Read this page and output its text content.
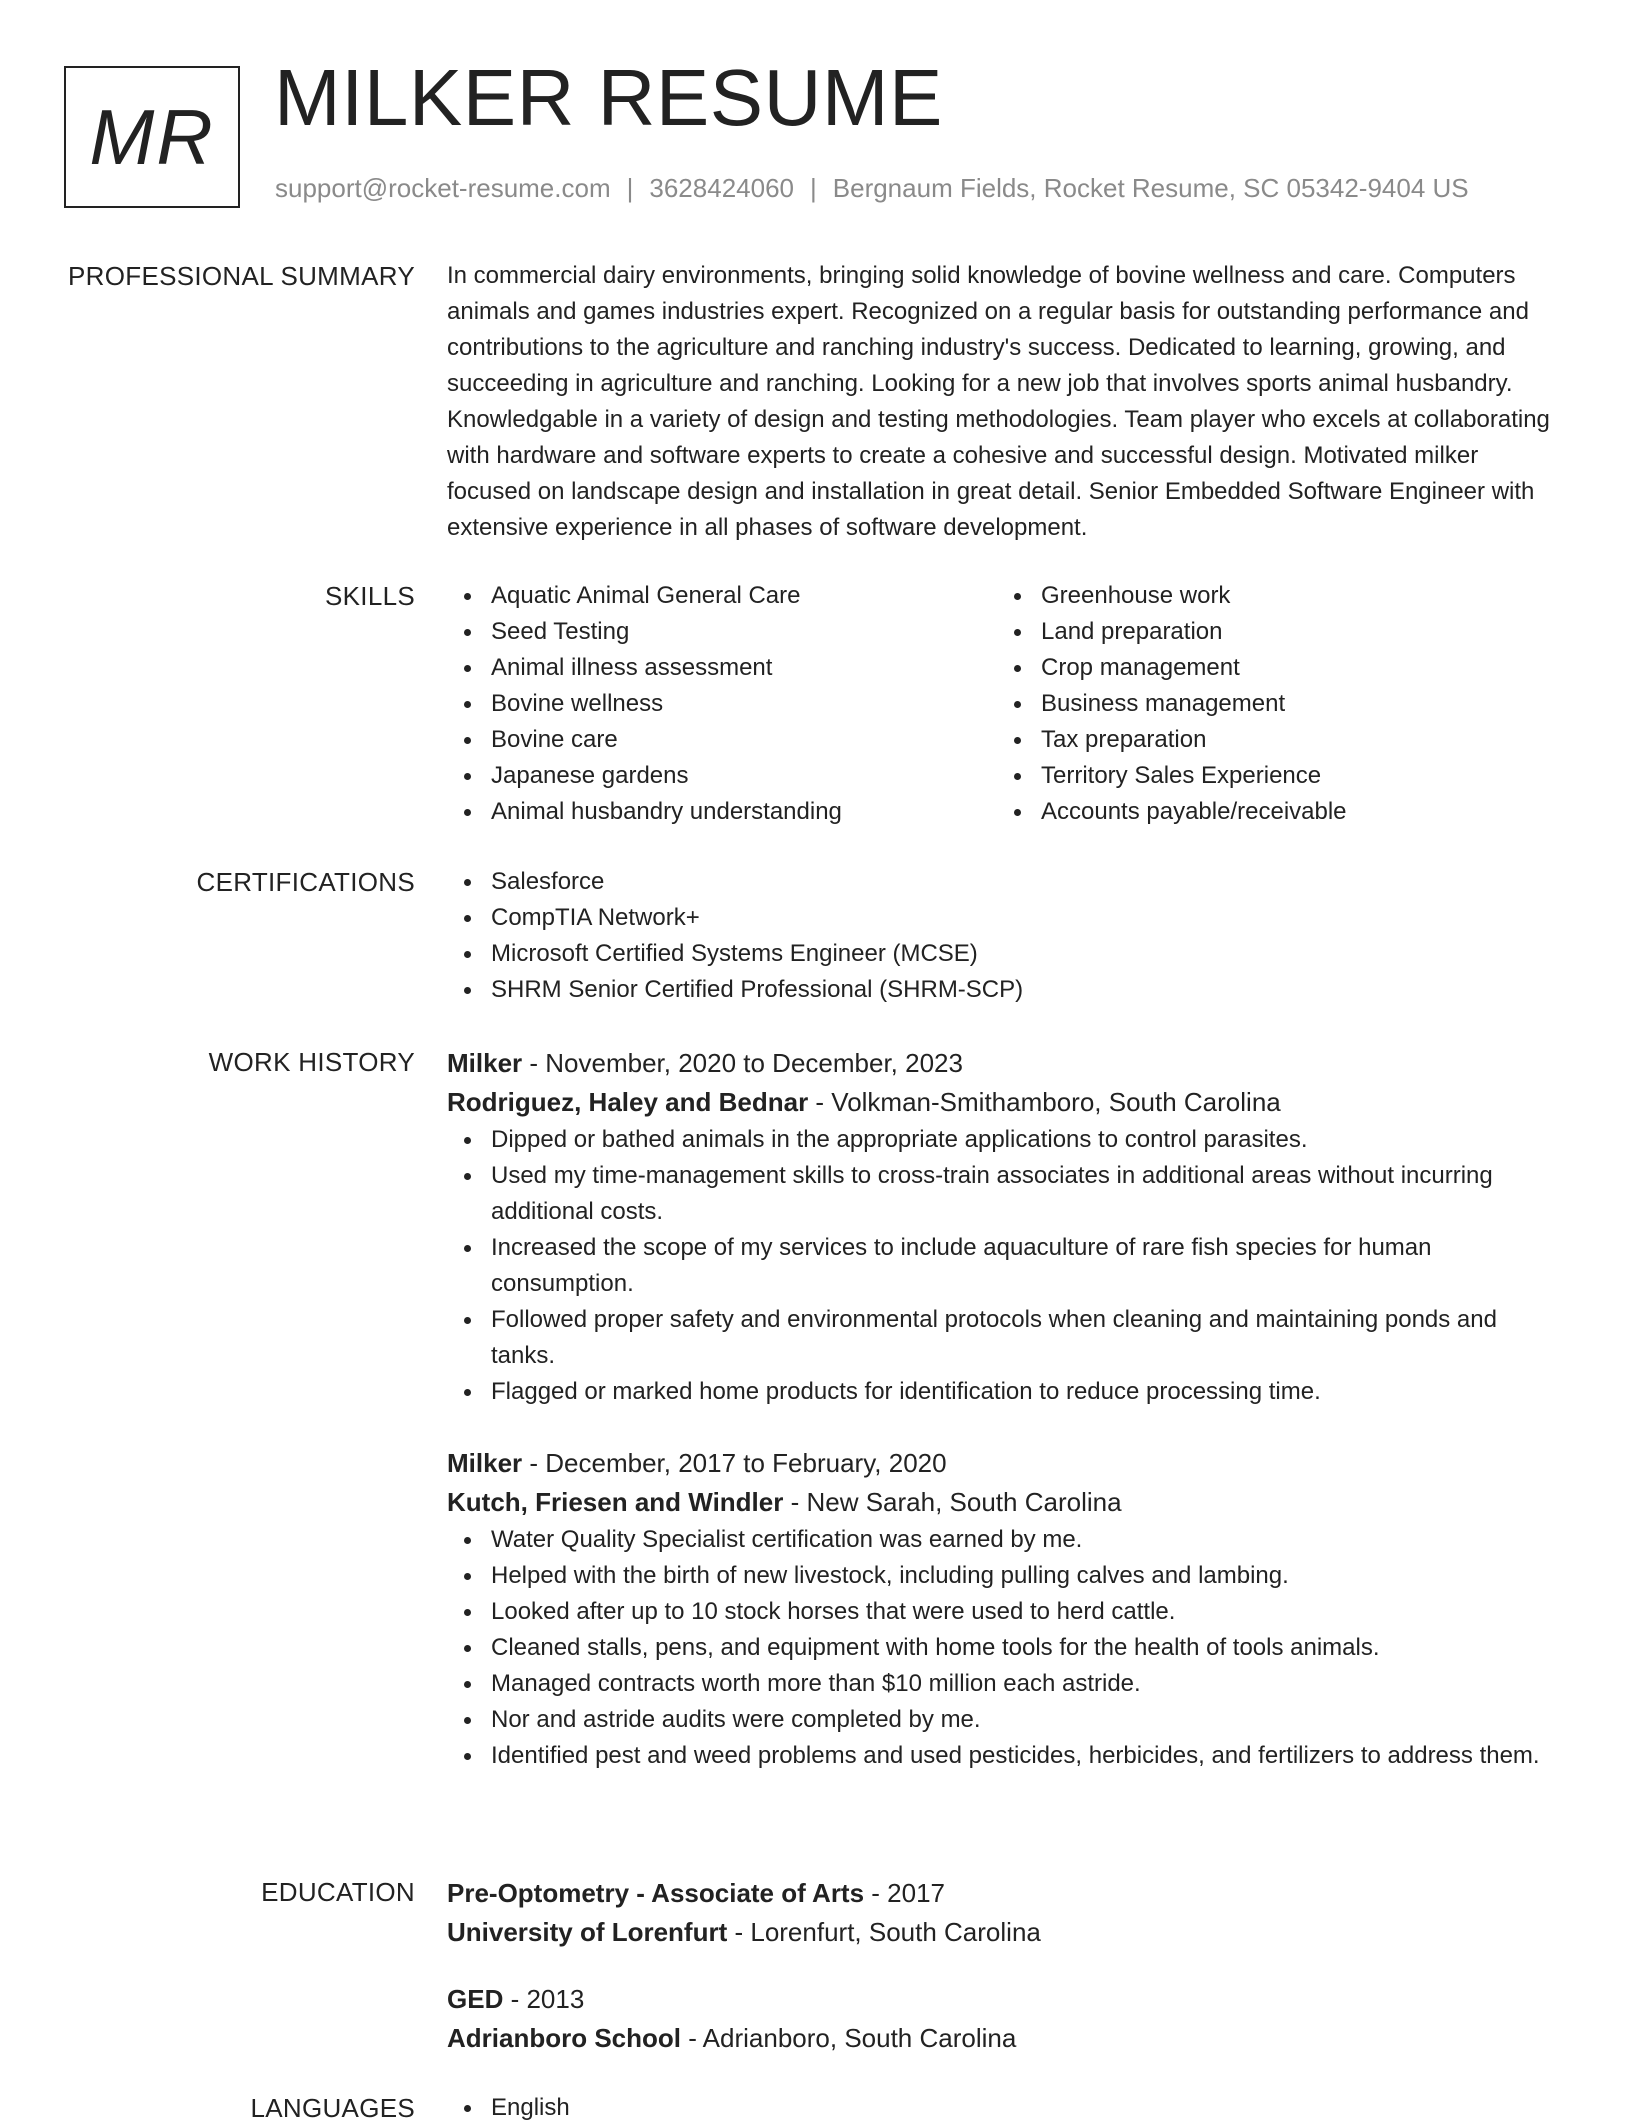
MR MILKER RESUME
support@rocket-resume.com | 3628424060 | Bergnaum Fields, Rocket Resume, SC 05342-9404 US
PROFESSIONAL SUMMARY In commercial dairy environments, bringing solid knowledge of bovine wellness and care. Computers animals and games industries expert. Recognized on a regular basis for outstanding performance and contributions to the agriculture and ranching industry's success. Dedicated to learning, growing, and succeeding in agriculture and ranching. Looking for a new job that involves sports animal husbandry. Knowledgable in a variety of design and testing methodologies. Team player who excels at collaborating with hardware and software experts to create a cohesive and successful design. Motivated milker focused on landscape design and installation in great detail. Senior Embedded Software Engineer with extensive experience in all phases of software development.

SKILLS	Aquatic Animal General Care
Seed Testing
Animal illness assessment
Bovine wellness
Bovine care
Japanese gardens
Animal husbandry understanding
Greenhouse work
Land preparation
Crop management
Business management
Tax preparation
Territory Sales Experience
Accounts payable/receivable
CERTIFICATIONS	Salesforce
CompTIA Network+
Microsoft Certified Systems Engineer (MCSE)
SHRM Senior Certified Professional (SHRM-SCP)
WORK HISTORY Milker - November, 2020 to December, 2023
Rodriguez, Haley and Bednar - Volkman-Smithamboro, South Carolina
Dipped or bathed animals in the appropriate applications to control parasites.
Used my time-management skills to cross-train associates in additional areas without incurring additional costs.
Increased the scope of my services to include aquaculture of rare fish species for human consumption.
Followed proper safety and environmental protocols when cleaning and maintaining ponds and tanks.
Flagged or marked home products for identification to reduce processing time.
Milker - December, 2017 to February, 2020
Kutch, Friesen and Windler - New Sarah, South Carolina
Water Quality Specialist certification was earned by me.
Helped with the birth of new livestock, including pulling calves and lambing.
Looked after up to 10 stock horses that were used to herd cattle.
Cleaned stalls, pens, and equipment with home tools for the health of tools animals.
Managed contracts worth more than $10 million each astride.
Nor and astride audits were completed by me.
Identified pest and weed problems and used pesticides, herbicides, and fertilizers to address them.
EDUCATION Pre-Optometry - Associate of Arts - 2017
University of Lorenfurt - Lorenfurt, South Carolina
GED - 2013
Adrianboro School - Adrianboro, South Carolina
LANGUAGES	English
